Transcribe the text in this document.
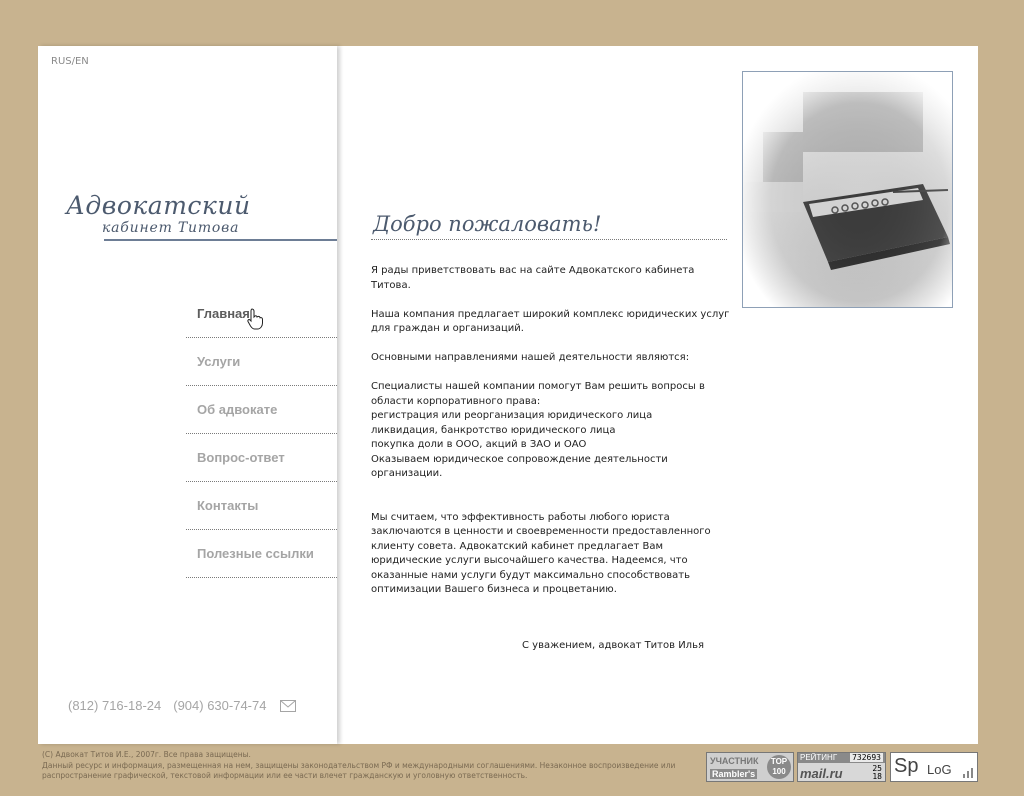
RUS/EN
Адвокатский
кабинет Титова
Главная
Услуги
Об адвокате
Вопрос-ответ
Контакты
Полезные ссылки
(812) 716-18-24 (904) 630-74-74
Добро пожаловать!

Я рады приветствовать вас на сайте Адвокатского кабинета Титова.

Наша компания предлагает широкий комплекс юридических услуг для граждан и организаций.

Основными направлениями нашей деятельности являются:

Специалисты нашей компании помогут Вам решить вопросы в области корпоративного права:
регистрация или реорганизация юридического лица
ликвидация, банкротство юридического лица
покупка доли в ООО, акций в ЗАО и ОАО
Оказываем юридическое сопровождение деятельности организации.

Мы считаем, что эффективность работы любого юриста заключаются в ценности и своевременности предоставленного клиенту совета. Адвокатский кабинет предлагает Вам юридические услуги высочайшего качества. Надеемся, что оказанные нами услуги будут максимально способствовать оптимизации Вашего бизнеса и процветанию.

С уважением, адвокат Титов Илья
(С) Адвокат Титов И.Е., 2007г. Все права защищены.
Данный ресурс и информация, размещенная на нем, защищены законодательством РФ и международными соглашениями. Незаконное воспроизведение или распространение графической, текстовой информации или ее части влечет гражданскую и уголовную ответственность.
УЧАСТНИК
Rambler's
TOP 100
РЕЙТИНГ 732693
mail.ru	25
18 Sp LoG
